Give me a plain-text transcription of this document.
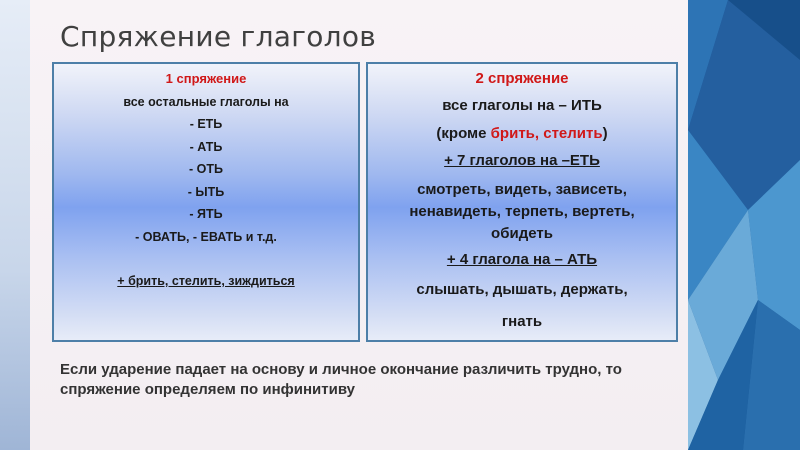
Спряжение глаголов
1 спряжение
все остальные глаголы на
- ЕТЬ
- АТЬ
- ОТЬ
- ЫТЬ
- ЯТЬ
- ОВАТЬ, - ЕВАТЬ и т.д.
+ брить, стелить, зиждиться
2 спряжение
все глаголы на – ИТЬ
(кроме брить, стелить)
+ 7 глаголов на –ЕТЬ
смотреть, видеть, зависеть,
ненавидеть, терпеть, вертеть,
обидеть
+ 4 глагола на – АТЬ
слышать, дышать, держать,
гнать

Если ударение падает на основу и личное окончание различить трудно, то спряжение определяем по инфинитиву
